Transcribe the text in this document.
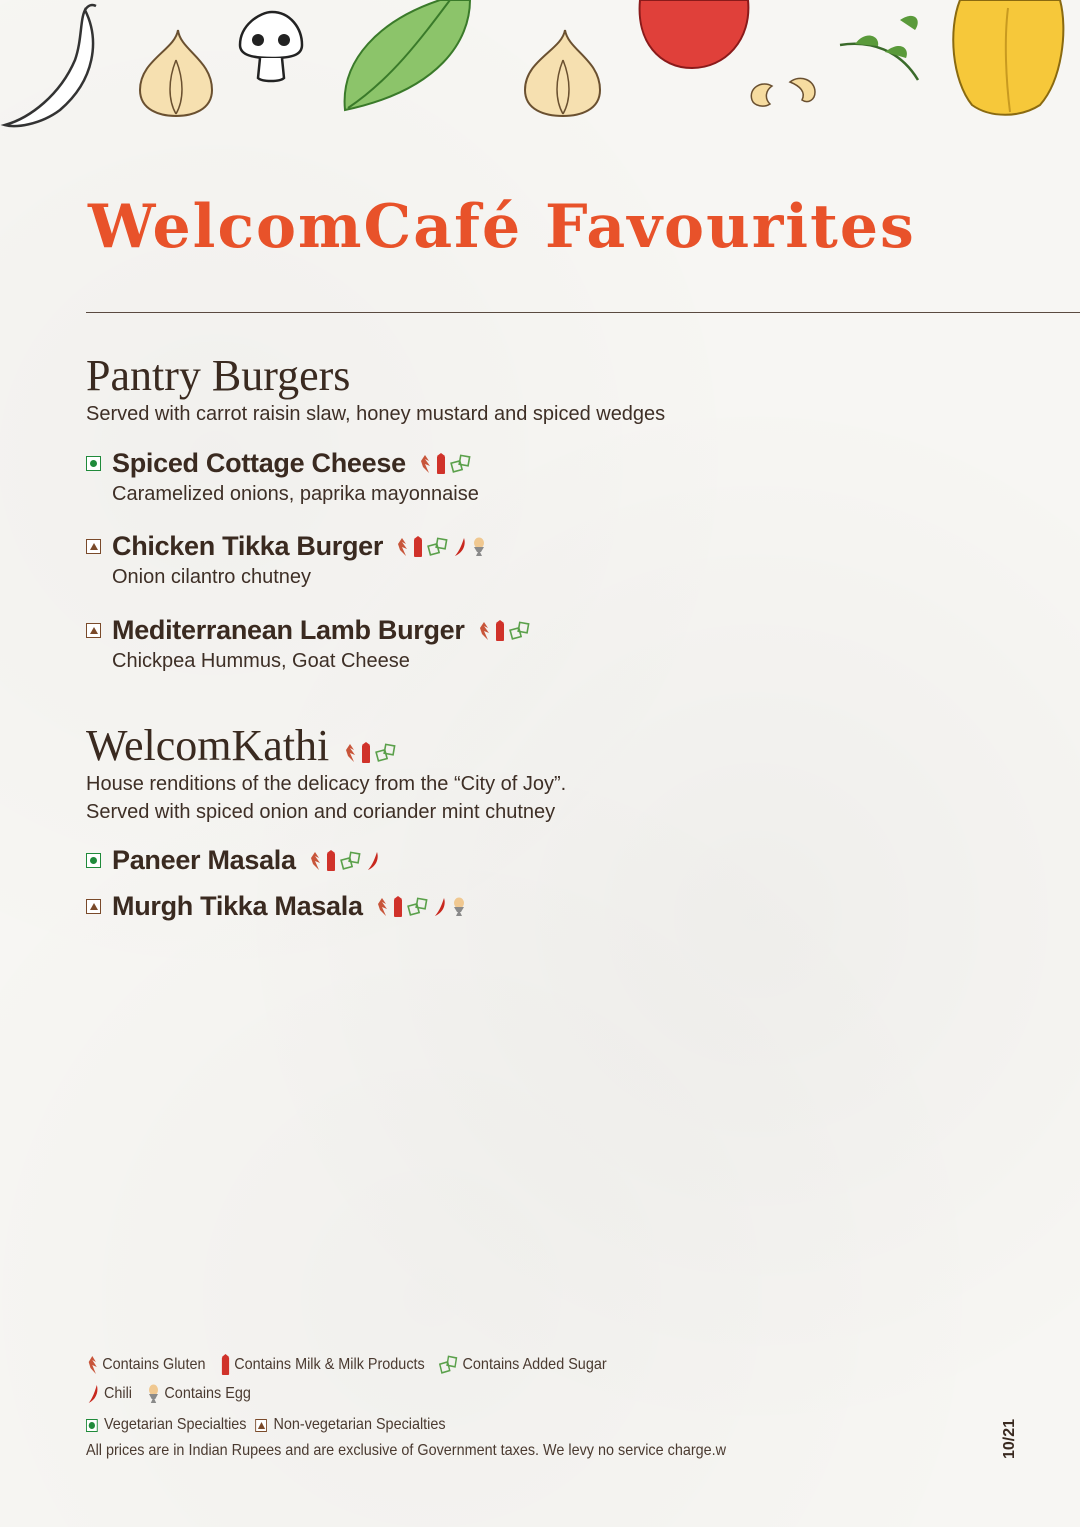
WelcomCafé Favourites
Pantry Burgers
Served with carrot raisin slaw, honey mustard and spiced wedges
Spiced Cottage Cheese
Caramelized onions, paprika mayonnaise
Chicken Tikka Burger
Onion cilantro chutney
Mediterranean Lamb Burger
Chickpea Hummus, Goat Cheese
WelcomKathi
House renditions of the delicacy from the “City of Joy”.
Served with spiced onion and coriander mint chutney
Paneer Masala
Murgh Tikka Masala
Contains Gluten Contains Milk & Milk Products Contains Added Sugar
Chili Contains Egg
Vegetarian Specialties Non-vegetarian Specialties
All prices are in Indian Rupees and are exclusive of Government taxes. We levy no service charge.w	10/21
